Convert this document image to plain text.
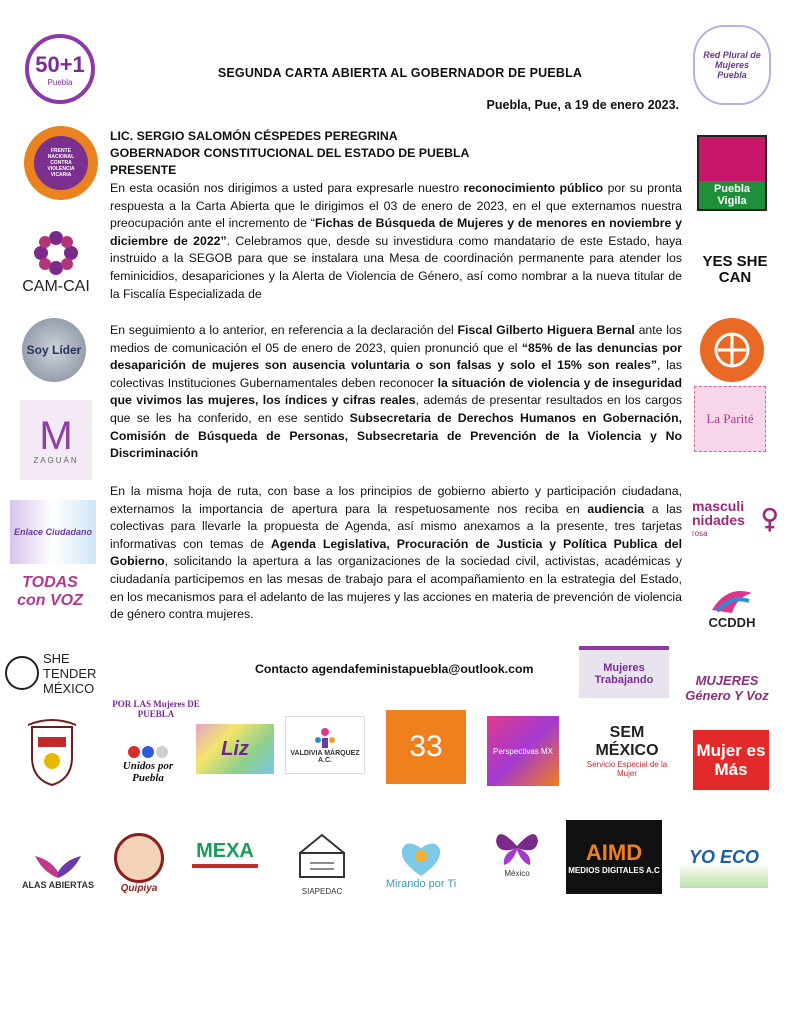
SEGUNDA CARTA ABIERTA AL GOBERNADOR DE PUEBLA
Puebla, Pue, a 19 de enero 2023.
LIC. SERGIO SALOMÓN CÉSPEDES PEREGRINA
GOBERNADOR CONSTITUCIONAL DEL ESTADO DE PUEBLA
PRESENTE
En esta ocasión nos dirigimos a usted para expresarle nuestro reconocimiento público por su pronta respuesta a la Carta Abierta que le dirigimos el 03 de enero de 2023, en el que externamos nuestra preocupación ante el incremento de “Fichas de Búsqueda de Mujeres y de menores en noviembre y diciembre de 2022”. Celebramos que, desde su investidura como mandatario de este Estado, haya instruido a la SEGOB para que se instalara una Mesa de coordinación permanente para atender los feminicidios, desapariciones y la Alerta de Violencia de Género, así como nombrar a la nueva titular de la Fiscalía Especializada de
En seguimiento a lo anterior, en referencia a la declaración del Fiscal Gilberto Higuera Bernal ante los medios de comunicación el 05 de enero de 2023, quien pronunció que el “85% de las denuncias por desaparición de mujeres son ausencia voluntaria o son falsas y solo el 15% son reales”, las colectivas Instituciones Gubernamentales deben reconocer la situación de violencia y de inseguridad que vivimos las mujeres, los índices y cifras reales, además de presentar resultados en los cargos que se les ha conferido, en ese sentido Subsecretaria de Derechos Humanos en Gobernación, Comisión de Búsqueda de Personas, Subsecretaria de Prevención de la Violencia y No Discriminación
En la misma hoja de ruta, con base a los principios de gobierno abierto y participación ciudadana, externamos la importancia de apertura para la respetuosamente nos reciba en audiencia a las colectivas para llevarle la propuesta de Agenda, así mismo anexamos a la presente, tres tarjetas informativas con temas de Agenda Legislativa, Procuración de Justicia y Política Publica del Gobierno, solicitando la apertura a las organizaciones de la sociedad civil, activistas, académicas y ciudadanía participemos en las mesas de trabajo para el acompañamiento en la estrategia del Estado, en los mecanismos para el adelanto de las mujeres y las acciones en materia de prevención de violencia de género contra mujeres.
Contacto agendafeministapuebla@outlook.com
50+1
Puebla
FRENTE NACIONAL CONTRA VIOLENCIA VICARIA
CAM-CAI
Soy Líder
M
ZAGUÁN
Enlace Ciudadano
TODAS con VOZ
SHE TENDER MÉXICO
Red Plural de Mujeres Puebla
Puebla Vigila
YES SHE CAN
La Parité
masculi nidades
rosa
CCDDH
Mujeres Trabajando	MUJERES Género Y Voz
POR LAS Mujeres DE PUEBLA
Unidos por Puebla
Liz	VALDIVIA MÁRQUEZ A.C.	33	Perspectivas MX
SEM MÉXICO
Servicio Especial de la Mujer
Mujer es Más
ALAS ABIERTAS	Quipiya
MEXA
SIAPEDAC
Mirando por Ti
México
AIMD
MEDIOS DIGITALES A.C
YO ECO
